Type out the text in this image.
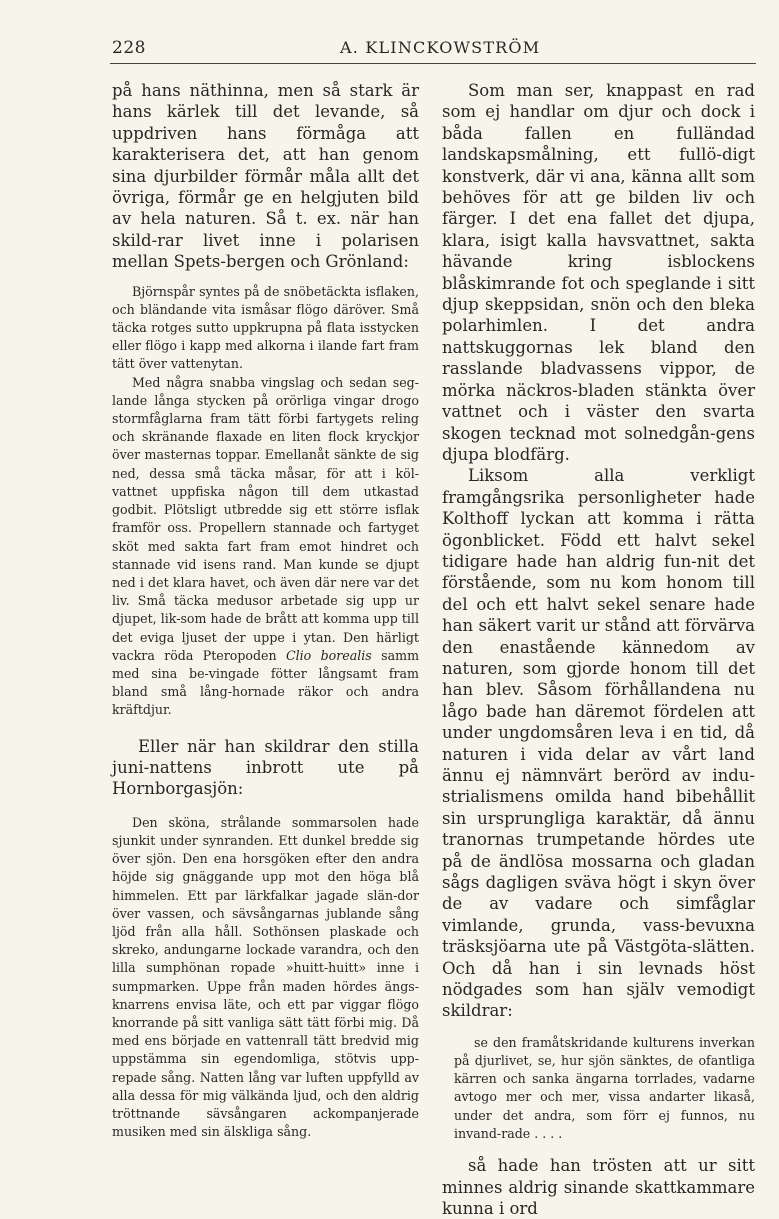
228	A. KLINCKOWSTRÖM

på hans näthinna, men så stark är hans kärlek till det levande, så uppdriven hans förmåga att karakterisera det, att han genom sina djurbilder förmår måla allt det övriga, förmår ge en helgjuten bild av hela naturen. Så t. ex. när han skild-rar livet inne i polarisen mellan Spets-bergen och Grönland:

Björnspår syntes på de snöbetäckta isflaken, och bländande vita ismåsar flögo däröver. Små täcka rotges sutto uppkrupna på flata isstycken eller flögo i kapp med alkorna i ilande fart fram tätt över vattenytan.

Med några snabba vingslag och sedan seg-lande långa stycken på orörliga vingar drogo stormfåglarna fram tätt förbi fartygets reling och skränande flaxade en liten flock kryckjor över masternas toppar. Emellanåt sänkte de sig ned, dessa små täcka måsar, för att i köl-vattnet uppfiska någon till dem utkastad godbit. Plötsligt utbredde sig ett större isflak framför oss. Propellern stannade och fartyget sköt med sakta fart fram emot hindret och stannade vid isens rand. Man kunde se djupt ned i det klara havet, och även där nere var det liv. Små täcka medusor arbetade sig upp ur djupet, lik-som hade de brått att komma upp till det eviga ljuset der uppe i ytan. Den härligt vackra röda Pteropoden Clio borealis samm med sina be-vingade fötter långsamt fram bland små lång-hornade räkor och andra kräftdjur.

Eller när han skildrar den stilla juni-nattens inbrott ute på Hornborgasjön:

Den sköna, strålande sommarsolen hade sjunkit under synranden. Ett dunkel bredde sig över sjön. Den ena horsgöken efter den andra höjde sig gnäggande upp mot den höga blå himmelen. Ett par lärkfalkar jagade slän-dor över vassen, och sävsångarnas jublande sång ljöd från alla håll. Sothönsen plaskade och skreko, andungarne lockade varandra, och den lilla sumphönan ropade »huitt-huitt» inne i sumpmarken. Uppe från maden hördes ängs-knarrens envisa läte, och ett par viggar flögo knorrande på sitt vanliga sätt tätt förbi mig. Då med ens började en vattenrall tätt bredvid mig uppstämma sin egendomliga, stötvis upp-repade sång. Natten lång var luften uppfylld av alla dessa för mig välkända ljud, och den aldrig tröttnande sävsångaren ackompanjerade musiken med sin älskliga sång.

Som man ser, knappast en rad som ej handlar om djur och dock i båda fallen en fulländad landskapsmålning, ett fullö-digt konstverk, där vi ana, känna allt som behöves för att ge bilden liv och färger. I det ena fallet det djupa, klara, isigt kalla havsvattnet, sakta hävande kring isblockens blåskimrande fot och speglande i sitt djup skeppsidan, snön och den bleka polarhimlen. I det andra nattskuggornas lek bland den rasslande bladvassens vippor, de mörka näckros-bladen stänkta över vattnet och i väster den svarta skogen tecknad mot solnedgån-gens djupa blodfärg.

Liksom alla verkligt framgångsrika personligheter hade Kolthoff lyckan att komma i rätta ögonblicket. Född ett halvt sekel tidigare hade han aldrig fun-nit det förstående, som nu kom honom till del och ett halvt sekel senare hade han säkert varit ur stånd att förvärva den enastående kännedom av naturen, som gjorde honom till det han blev. Såsom förhållandena nu lågo bade han däremot fördelen att under ungdomsåren leva i en tid, då naturen i vida delar av vårt land ännu ej nämnvärt berörd av indu-strialismens omilda hand bibehållit sin ursprungliga karaktär, då ännu tranornas trumpetande hördes ute på de ändlösa mossarna och gladan sågs dagligen sväva högt i skyn över de av vadare och simfåglar vimlande, grunda, vass-bevuxna träsksjöarna ute på Västgöta-slätten. Och då han i sin levnads höst nödgades som han själv vemodigt skildrar:

se den framåtskridande kulturens inverkan på djurlivet, se, hur sjön sänktes, de ofantliga kärren och sanka ängarna torrlades, vadarne avtogo mer och mer, vissa andarter likaså, under det andra, som förr ej funnos, nu invand-rade . . . .

så hade han trösten att ur sitt minnes aldrig sinande skattkammare kunna i ord
